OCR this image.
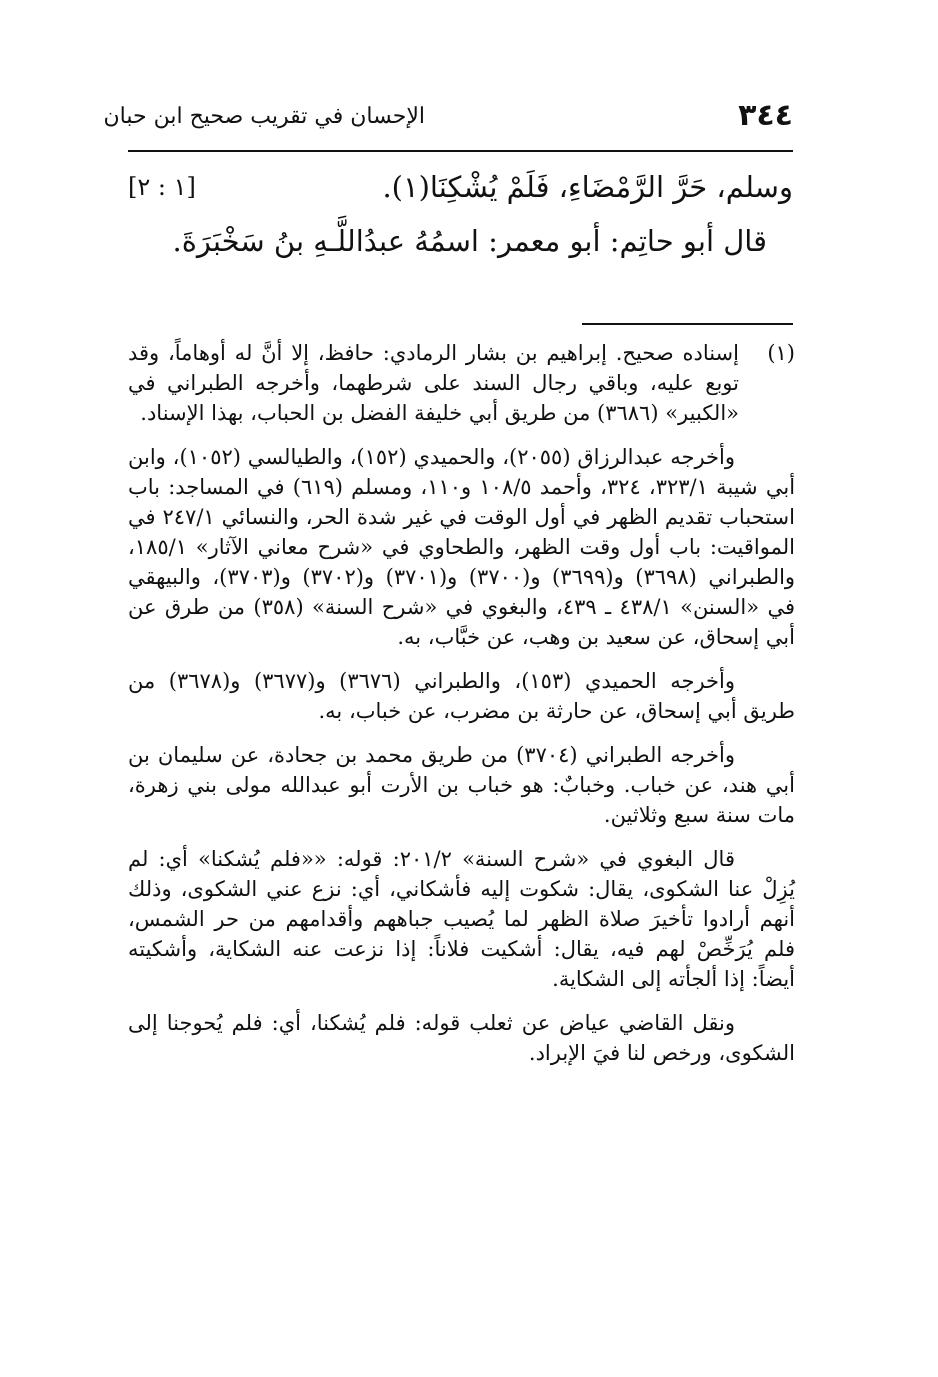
٣٤٤
الإحسان في تقريب صحيح ابن حبان
وسلم، حَرَّ الرَّمْضَاءِ، فَلَمْ يُشْكِنَا(١).
[١ : ٢]
قال أبو حاتِم: أبو معمر: اسمُهُ عبدُاللَّـهِ بنُ سَخْبَرَةَ.

(١)
إسناده صحيح. إبراهيم بن بشار الرمادي: حافظ، إلا أنَّ له أوهاماً، وقد توبع عليه، وباقي رجال السند على شرطهما، وأخرجه الطبراني في «الكبير» (٣٦٨٦) من طريق أبي خليفة الفضل بن الحباب، بهذا الإسناد.

وأخرجه عبدالرزاق (٢٠٥٥)، والحميدي (١٥٢)، والطيالسي (١٠٥٢)، وابن أبي شيبة ٣٢٣/١، ٣٢٤، وأحمد ١٠٨/٥ و١١٠، ومسلم (٦١٩) في المساجد: باب استحباب تقديم الظهر في أول الوقت في غير شدة الحر، والنسائي ٢٤٧/١ في المواقيت: باب أول وقت الظهر، والطحاوي في «شرح معاني الآثار» ١٨٥/١، والطبراني (٣٦٩٨) و(٣٦٩٩) و(٣٧٠٠) و(٣٧٠١) و(٣٧٠٢) و(٣٧٠٣)، والبيهقي في «السنن» ٤٣٨/١ ـ ٤٣٩، والبغوي في «شرح السنة» (٣٥٨) من طرق عن أبي إسحاق، عن سعيد بن وهب، عن خبَّاب، به.

وأخرجه الحميدي (١٥٣)، والطبراني (٣٦٧٦) و(٣٦٧٧) و(٣٦٧٨) من طريق أبي إسحاق، عن حارثة بن مضرب، عن خباب، به.

وأخرجه الطبراني (٣٧٠٤) من طريق محمد بن جحادة، عن سليمان بن أبي هند، عن خباب. وخبابٌ: هو خباب بن الأرت أبو عبدالله مولى بني زهرة، مات سنة سبع وثلاثين.

قال البغوي في «شرح السنة» ٢٠١/٢: قوله: ««فلم يُشكنا» أي: لم يُزِلْ عنا الشكوى، يقال: شكوت إليه فأشكاني، أي: نزع عني الشكوى، وذلك أنهم أرادوا تأخيرَ صلاة الظهر لما يُصيب جباههم وأقدامهم من حر الشمس، فلم يُرَخِّصْ لهم فيه، يقال: أشكيت فلاناً: إذا نزعت عنه الشكاية، وأشكيته أيضاً: إذا ألجأته إلى الشكاية.

ونقل القاضي عياض عن ثعلب قوله: فلم يُشكنا، أي: فلم يُحوجنا إلى الشكوى، ورخص لنا فيَ الإبراد.
